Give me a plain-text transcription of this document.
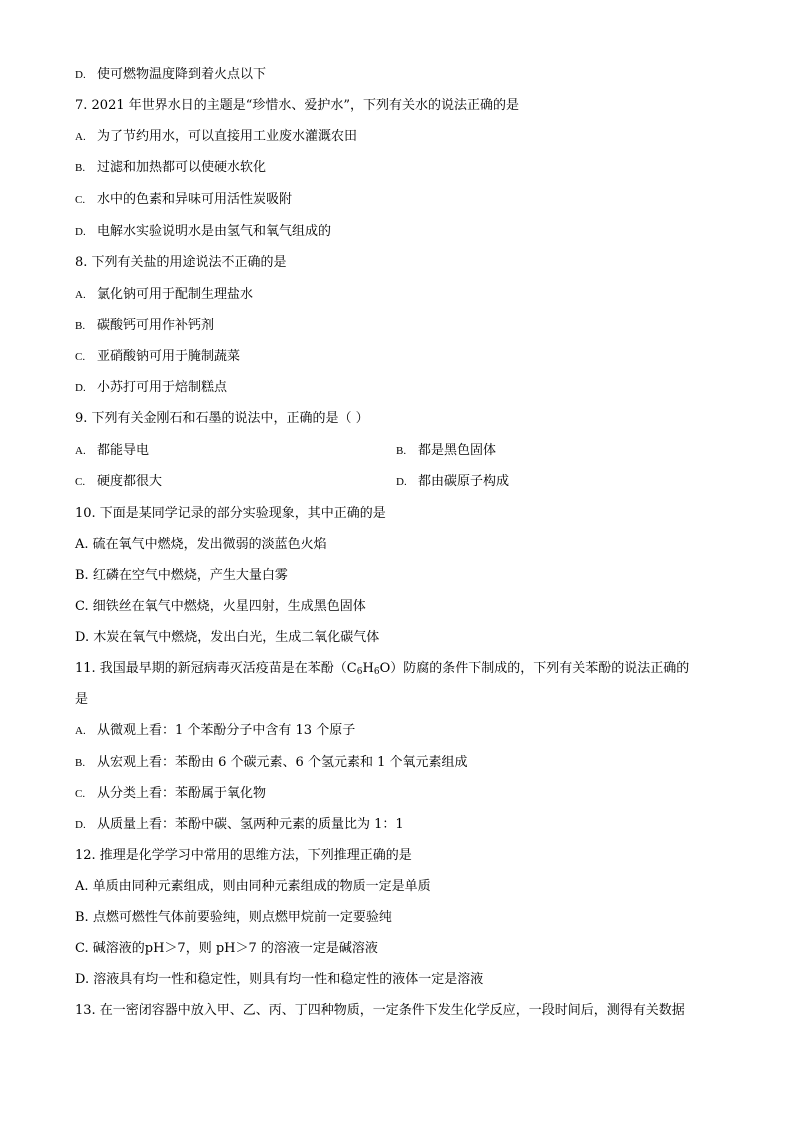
D. 使可燃物温度降到着火点以下
7. 2021 年世界水日的主题是“珍惜水、爱护水”，下列有关水的说法正确的是
A. 为了节约用水，可以直接用工业废水灌溉农田
B. 过滤和加热都可以使硬水软化
C. 水中的色素和异味可用活性炭吸附
D. 电解水实验说明水是由氢气和氧气组成的
8. 下列有关盐的用途说法不正确的是
A. 氯化钠可用于配制生理盐水
B. 碳酸钙可用作补钙剂
C. 亚硝酸钠可用于腌制蔬菜
D. 小苏打可用于焙制糕点
9. 下列有关金刚石和石墨的说法中，正确的是（ ）
A. 都能导电	B. 都是黑色固体
C. 硬度都很大	D. 都由碳原子构成
10. 下面是某同学记录的部分实验现象，其中正确的是
A. 硫在氧气中燃烧，发出微弱的淡蓝色火焰
B. 红磷在空气中燃烧，产生大量白雾
C. 细铁丝在氧气中燃烧，火星四射，生成黑色固体
D. 木炭在氧气中燃烧，发出白光，生成二氧化碳气体
11. 我国最早期的新冠病毒灭活疫苗是在苯酚$(C_6H_6O)$防腐的条件下制成的，下列有关苯酚的说法正确的
是
A. 从微观上看：1 个苯酚分子中含有 13 个原子
B. 从宏观上看：苯酚由 6 个碳元素、6 个氢元素和 1 个氧元素组成
C. 从分类上看：苯酚属于氧化物
D. 从质量上看：苯酚中碳、氢两种元素的质量比为 1：1
12. 推理是化学学习中常用的思维方法，下列推理正确的是
A. 单质由同种元素组成，则由同种元素组成的物质一定是单质
B. 点燃可燃性气体前要验纯，则点燃甲烷前一定要验纯
C. 碱溶液的pH＞7，则 pH＞7 的溶液一定是碱溶液
D. 溶液具有均一性和稳定性，则具有均一性和稳定性的液体一定是溶液
13. 在一密闭容器中放入甲、乙、丙、丁四种物质，一定条件下发生化学反应，一段时间后，测得有关数据
